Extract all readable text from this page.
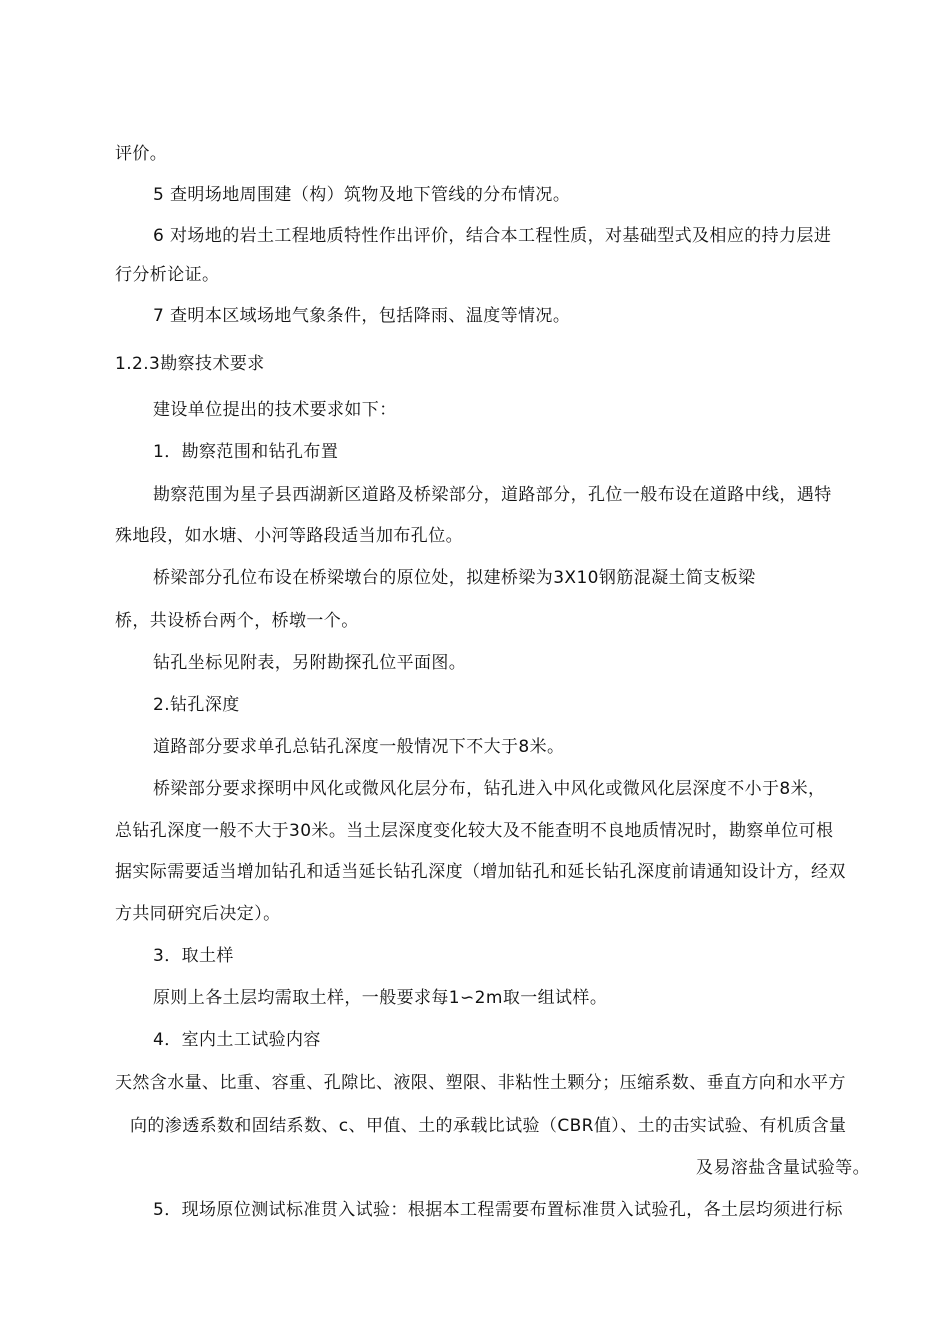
评价。
5 查明场地周围建（构）筑物及地下管线的分布情况。
6 对场地的岩土工程地质特性作出评价，结合本工程性质，对基础型式及相应的持力层进
行分析论证。
7 查明本区域场地气象条件，包括降雨、温度等情况。
1.2.3勘察技术要求
建设单位提出的技术要求如下：
1．勘察范围和钻孔布置
勘察范围为星子县西湖新区道路及桥梁部分，道路部分，孔位一般布设在道路中线，遇特
殊地段，如水塘、小河等路段适当加布孔位。
桥梁部分孔位布设在桥梁墩台的原位处，拟建桥梁为3X10钢筋混凝土简支板梁
桥，共设桥台两个，桥墩一个。
钻孔坐标见附表，另附勘探孔位平面图。
2.钻孔深度
道路部分要求单孔总钻孔深度一般情况下不大于8米。
桥梁部分要求探明中风化或微风化层分布，钻孔进入中风化或微风化层深度不小于8米，
总钻孔深度一般不大于30米。当土层深度变化较大及不能查明不良地质情况时，勘察单位可根
据实际需要适当增加钻孔和适当延长钻孔深度（增加钻孔和延长钻孔深度前请通知设计方，经双
方共同研究后决定）。
3．取土样
原则上各土层均需取土样，一般要求每1∽2m取一组试样。
4．室内土工试验内容
天然含水量、比重、容重、孔隙比、液限、塑限、非粘性土颗分；压缩系数、垂直方向和水平方
向的渗透系数和固结系数、c、甲值、土的承载比试验（CBR值）、土的击实试验、有机质含量
及易溶盐含量试验等。
5．现场原位测试标准贯入试验：根据本工程需要布置标准贯入试验孔，各土层均须进行标
